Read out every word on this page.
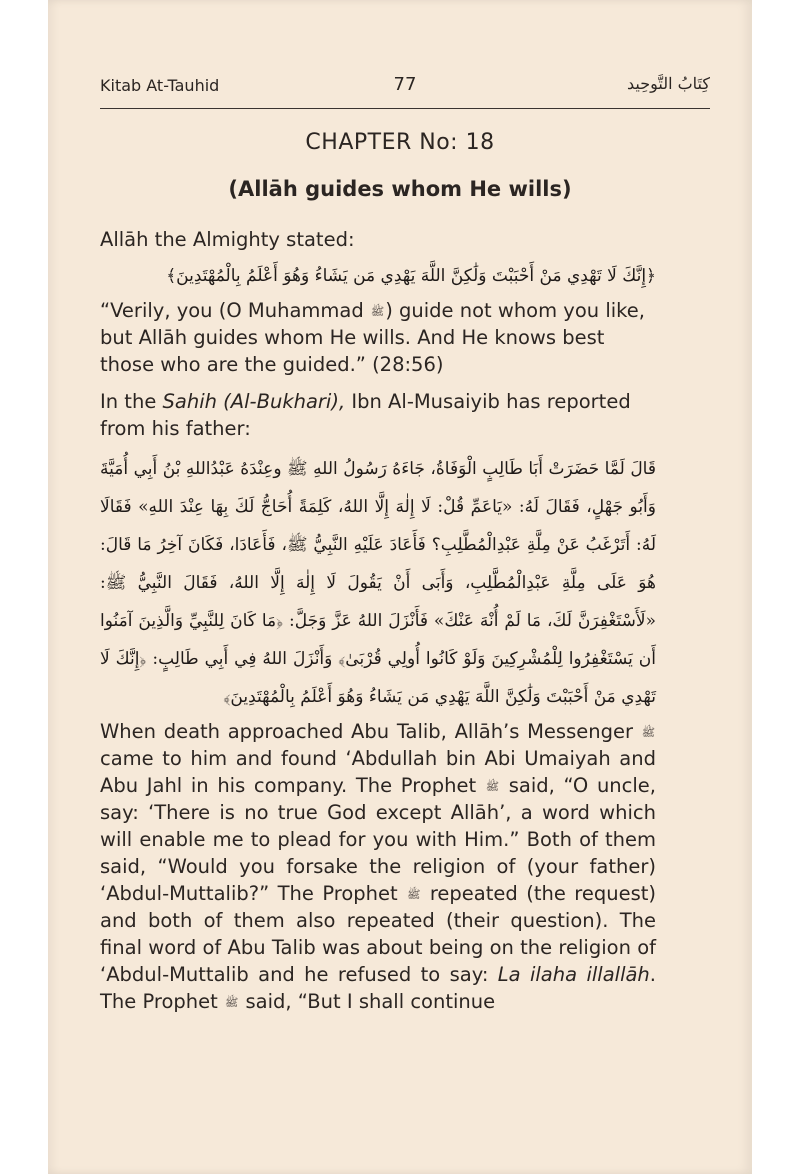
Kitab At-Tauhid	77	كِتَابُ التَّوحِيد
CHAPTER No: 18
(Allāh guides whom He wills)

Allāh the Almighty stated:

﴿إِنَّكَ لَا تَهْدِي مَنْ أَحْبَبْتَ وَلَٰكِنَّ اللَّهَ يَهْدِي مَن يَشَاءُ وَهُوَ أَعْلَمُ بِالْمُهْتَدِينَ﴾

“Verily, you (O Muhammad ﷺ) guide not whom you like, but Allāh guides whom He wills. And He knows best those who are the guided.” (28:56)

In the Sahih (Al-Bukhari), Ibn Al-Musaiyib has reported from his father:

قَالَ لَمَّا حَضَرَتْ أَبَا طَالِبٍ الْوَفَاةُ، جَاءَهُ رَسُولُ اللهِ ﷺ وعِنْدَهُ عَبْدُاللهِ بْنُ أَبِي أُمَيَّةَ وَأَبُو جَهْلٍ، فَقَالَ لَهُ: «يَاعَمِّ قُلْ: لَا إِلٰهَ إِلَّا اللهُ، كَلِمَةً أُحَاجُّ لَكَ بِهَا عِنْدَ اللهِ» فَقَالَا لَهُ: أَتَرْغَبُ عَنْ مِلَّةِ عَبْدِالْمُطَّلِبِ؟ فَأَعَادَ عَلَيْهِ النَّبِيُّ ﷺ، فَأَعَادَا، فَكَانَ آخِرُ مَا قَالَ: هُوَ عَلَى مِلَّةِ عَبْدِالْمُطَّلِبِ، وَأَبَى أَنْ يَقُولَ لَا إِلٰهَ إِلَّا اللهُ، فَقَالَ النَّبِيُّ ﷺ: «لَأَسْتَغْفِرَنَّ لَكَ، مَا لَمْ أُنْهَ عَنْكَ» فَأَنْزَلَ اللهُ عَزَّ وَجَلَّ: ﴿مَا كَانَ لِلنَّبِيِّ وَالَّذِينَ آمَنُوا أَن يَسْتَغْفِرُوا لِلْمُشْرِكِينَ وَلَوْ كَانُوا أُولِي قُرْبَىٰ﴾ وَأَنْزَلَ اللهُ فِي أَبِي طَالِبٍ: ﴿إِنَّكَ لَا تَهْدِي مَنْ أَحْبَبْتَ وَلَٰكِنَّ اللَّهَ يَهْدِي مَن يَشَاءُ وَهُوَ أَعْلَمُ بِالْمُهْتَدِينَ﴾

When death approached Abu Talib, Allāh’s Messenger ﷺ came to him and found ‘Abdullah bin Abi Umaiyah and Abu Jahl in his company. The Prophet ﷺ said, “O uncle, say: ‘There is no true God except Allāh’, a word which will enable me to plead for you with Him.” Both of them said, “Would you forsake the religion of (your father) ‘Abdul-Muttalib?” The Prophet ﷺ repeated (the request) and both of them also repeated (their question). The final word of Abu Talib was about being on the religion of ‘Abdul-Muttalib and he refused to say: La ilaha illallāh. The Prophet ﷺ said, “But I shall continue
